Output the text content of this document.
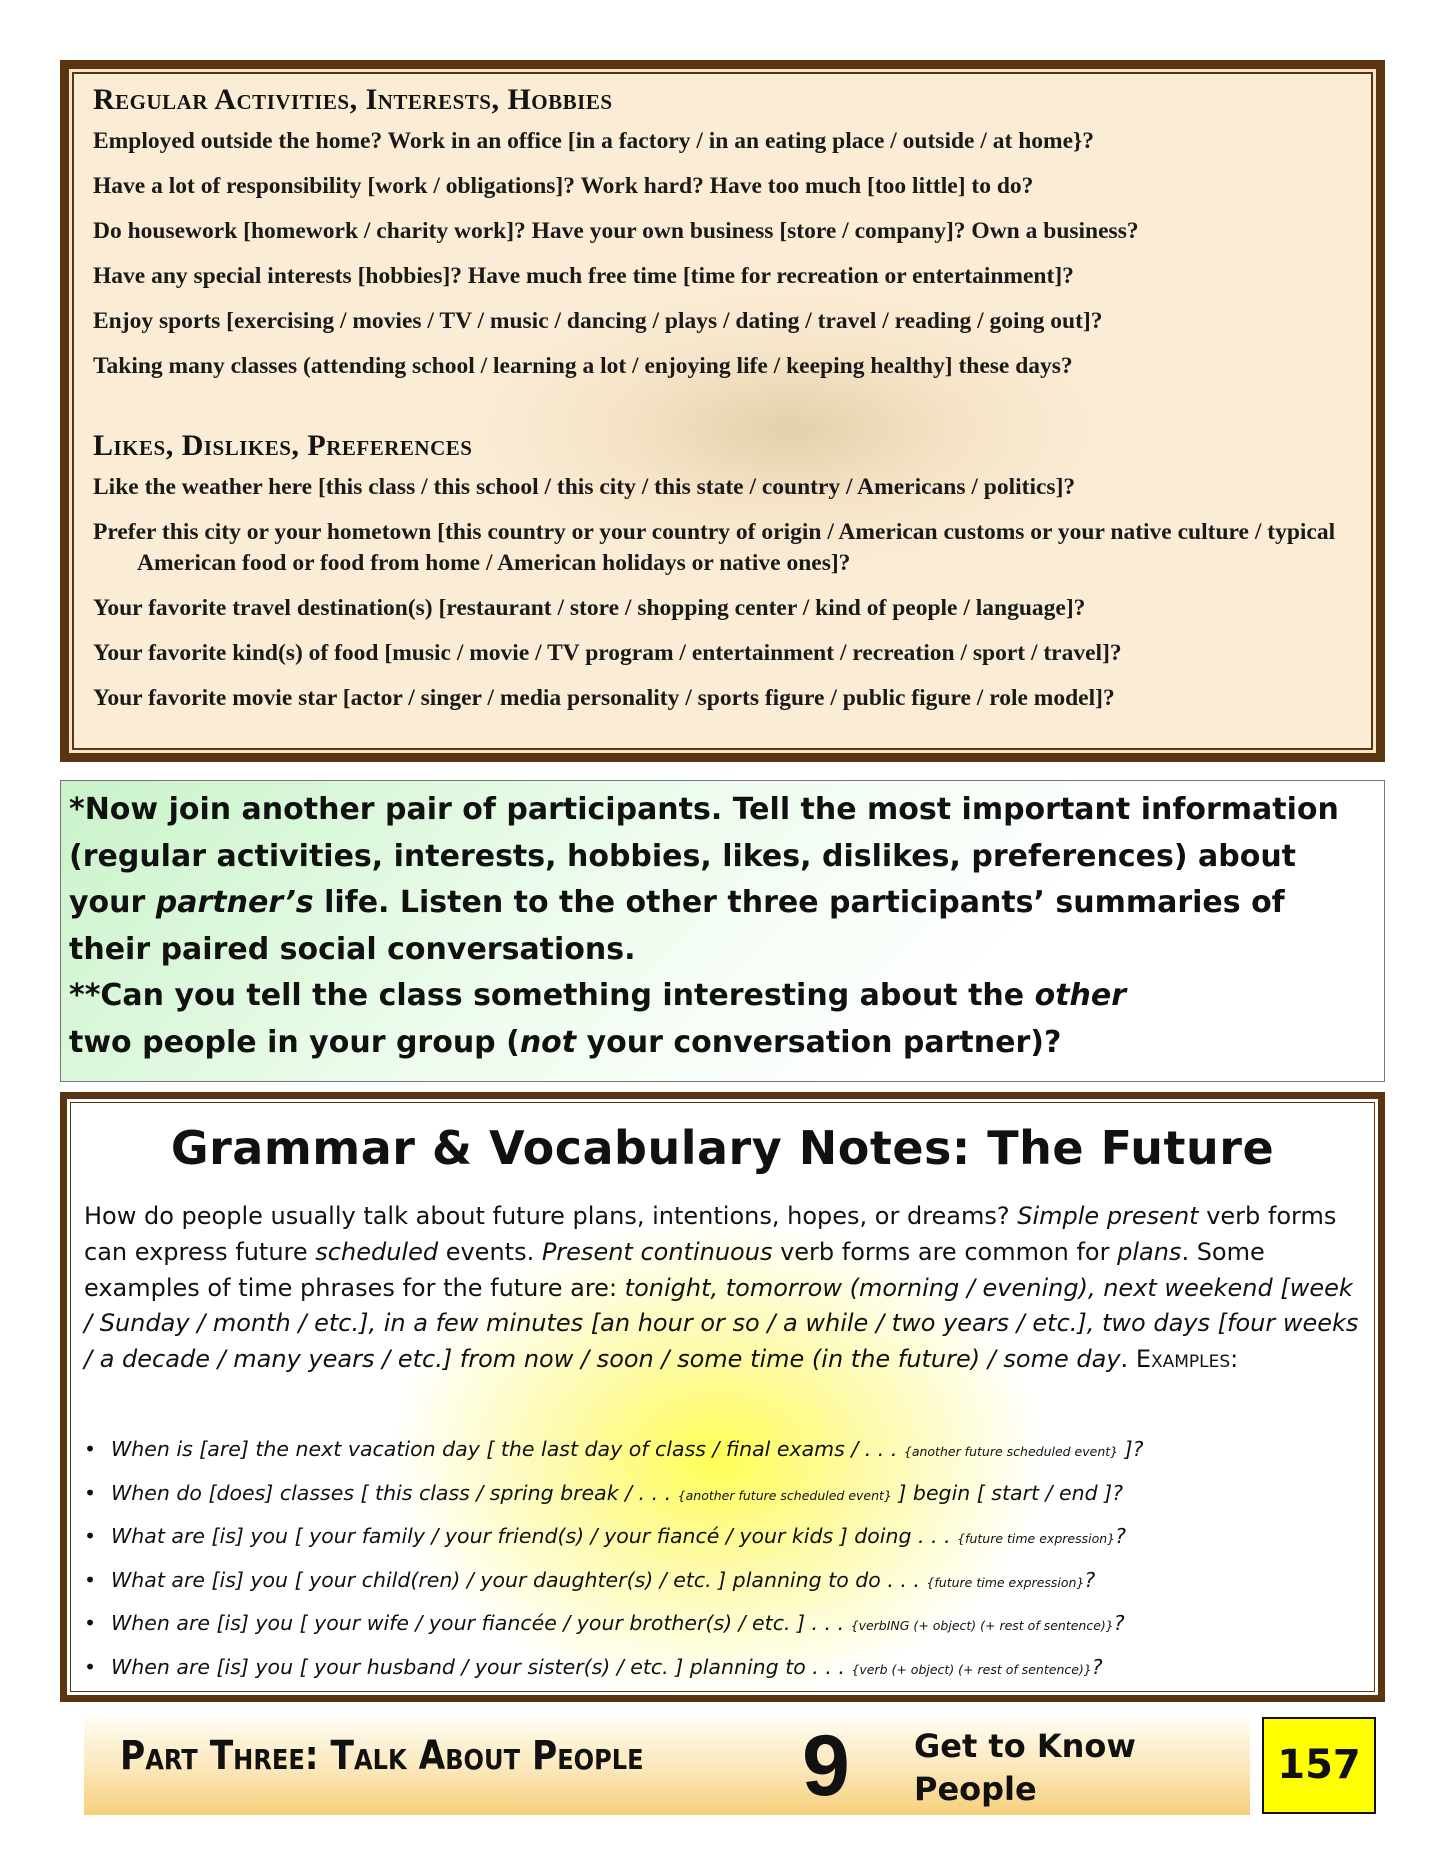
Regular Activities, Interests, Hobbies
Employed outside the home? Work in an office [in a factory / in an eating place / outside / at home}?
Have a lot of responsibility [work / obligations]? Work hard? Have too much [too little] to do?
Do housework [homework / charity work]? Have your own business [store / company]? Own a business?
Have any special interests [hobbies]? Have much free time [time for recreation or entertainment]?
Enjoy sports [exercising / movies / TV / music / dancing / plays / dating / travel / reading / going out]?
Taking many classes (attending school / learning a lot / enjoying life / keeping healthy] these days?
Likes, Dislikes, Preferences
Like the weather here [this class / this school / this city / this state / country / Americans / politics]?
Prefer this city or your hometown [this country or your country of origin / American customs or your native culture / typical American food or food from home / American holidays or native ones]?
Your favorite travel destination(s) [restaurant / store / shopping center / kind of people / language]?
Your favorite kind(s) of food [music / movie / TV program / entertainment / recreation / sport / travel]?
Your favorite movie star [actor / singer / media personality / sports figure / public figure / role model]?

*Now join another pair of participants. Tell the most important information (regular activities, interests, hobbies, likes, dislikes, preferences) about your partner’s life. Listen to the other three participants’ summaries of their paired social conversations.
**Can you tell the class something interesting about the other
two people in your group (not your conversation partner)?

Grammar & Vocabulary Notes: The Future

How do people usually talk about future plans, intentions, hopes, or dreams? Simple present verb forms can express future scheduled events. Present continuous verb forms are common for plans. Some examples of time phrases for the future are: tonight, tomorrow (morning / evening), next weekend [week / Sunday / month / etc.], in a few minutes [an hour or so / a while / two years / etc.], two days [four weeks / a decade / many years / etc.] from now / soon / some time (in the future) / some day. Examples:

• When is [are] the next vacation day [ the last day of class / final exams / . . . {another future scheduled event} ]?
• When do [does] classes [ this class / spring break / . . . {another future scheduled event} ] begin [ start / end ]?
• What are [is] you [ your family / your friend(s) / your fiancé / your kids ] doing . . . {future time expression}?
• What are [is] you [ your child(ren) / your daughter(s) / etc. ] planning to do . . . {future time expression}?
• When are [is] you [ your wife / your fiancée / your brother(s) / etc. ] . . . {verbING (+ object) (+ rest of sentence)}?
• When are [is] you [ your husband / your sister(s) / etc. ] planning to . . . {verb (+ object) (+ rest of sentence)}?
Part Three: Talk About People 9 Get to Know People
157
